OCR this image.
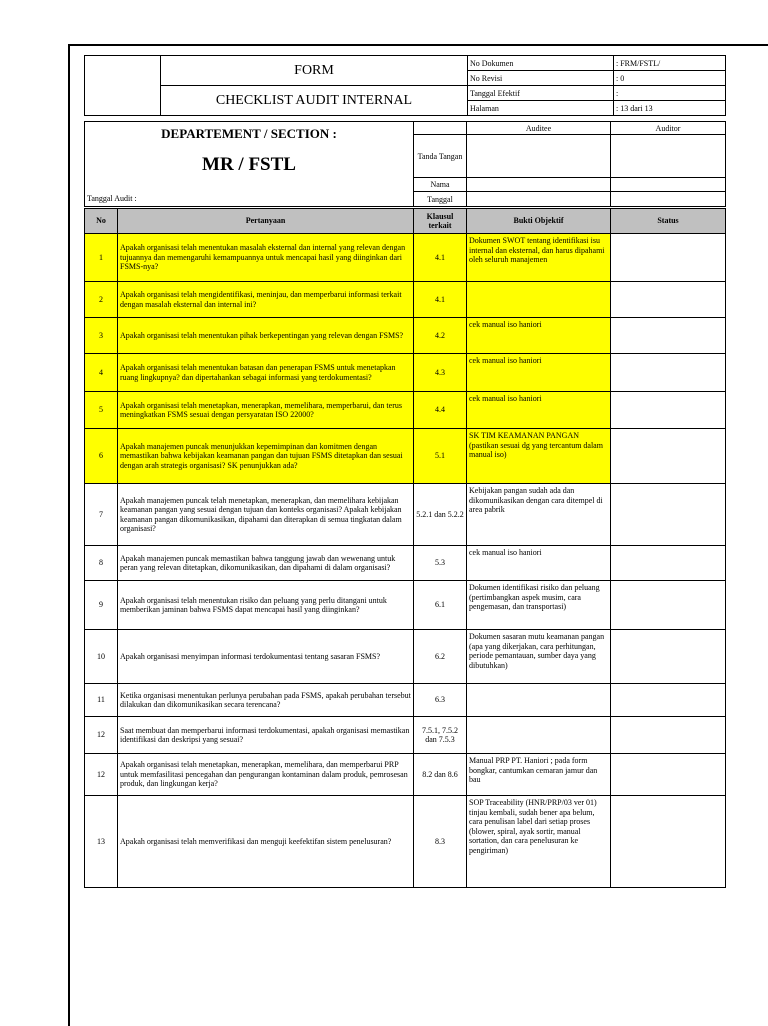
	FORM	No Dokumen	: FRM/FSTL/
		No Revisi	: 0
	CHECKLIST AUDIT INTERNAL	Tanggal Efektif	:
		Halaman	: 13 dari 13
DEPARTEMENT / SECTION :
MR / FSTL		Auditee	Auditor
	Tanda Tangan		
	Nama		
Tanggal Audit :	Tanggal		
No	Pertanyaan	Klausul terkait	Bukti Objektif	Status
1	Apakah organisasi telah menentukan masalah eksternal dan internal yang relevan dengan tujuannya dan memengaruhi kemampuannya untuk mencapai hasil yang diinginkan dari FSMS-nya?	4.1	Dokumen SWOT tentang identifikasi isu internal dan eksternal, dan harus dipahami oleh seluruh manajemen	
2	Apakah organisasi telah mengidentifikasi, meninjau, dan memperbarui informasi terkait dengan masalah eksternal dan internal ini?	4.1		
3	Apakah organisasi telah menentukan pihak berkepentingan yang relevan dengan FSMS?	4.2	cek manual iso haniori	
4	Apakah organisasi telah menentukan batasan dan penerapan FSMS untuk menetapkan ruang lingkupnya? dan dipertahankan sebagai informasi yang terdokumentasi?	4.3	cek manual iso haniori	
5	Apakah organisasi telah menetapkan, menerapkan, memelihara, memperbarui, dan terus meningkatkan FSMS sesuai dengan persyaratan ISO 22000?	4.4	cek manual iso haniori	
6	Apakah manajemen puncak menunjukkan kepemimpinan dan komitmen dengan memastikan bahwa kebijakan keamanan pangan dan tujuan FSMS ditetapkan dan sesuai dengan arah strategis organisasi? SK penunjukkan ada?	5.1	SK TIM KEAMANAN PANGAN (pastikan sesuai dg yang tercantum dalam manual iso)	
7	Apakah manajemen puncak telah menetapkan, menerapkan, dan memelihara kebijakan keamanan pangan yang sesuai dengan tujuan dan konteks organisasi? Apakah kebijakan keamanan pangan dikomunikasikan, dipahami dan diterapkan di semua tingkatan dalam organisasi?	5.2.1 dan 5.2.2	Kebijakan pangan sudah ada dan dikomunikasikan dengan cara ditempel di area pabrik	
8	Apakah manajemen puncak memastikan bahwa tanggung jawab dan wewenang untuk peran yang relevan ditetapkan, dikomunikasikan, dan dipahami di dalam organisasi?	5.3	cek manual iso haniori	
9	Apakah organisasi telah menentukan risiko dan peluang yang perlu ditangani untuk memberikan jaminan bahwa FSMS dapat mencapai hasil yang diinginkan?	6.1	Dokumen identifikasi risiko dan peluang (pertimbangkan aspek musim, cara pengemasan, dan transportasi)	
10	Apakah organisasi menyimpan informasi terdokumentasi tentang sasaran FSMS?	6.2	Dokumen sasaran mutu keamanan pangan (apa yang dikerjakan, cara perhitungan, periode pemantauan, sumber daya yang dibutuhkan)	
11	Ketika organisasi menentukan perlunya perubahan pada FSMS, apakah perubahan tersebut dilakukan dan dikomunikasikan secara terencana?	6.3		
12	Saat membuat dan memperbarui informasi terdokumentasi, apakah organisasi memastikan identifikasi dan deskripsi yang sesuai?	7.5.1, 7.5.2 dan 7.5.3		
12	Apakah organisasi telah menetapkan, menerapkan, memelihara, dan memperbarui PRP untuk memfasilitasi pencegahan dan pengurangan kontaminan dalam produk, pemrosesan produk, dan lingkungan kerja?	8.2 dan 8.6	Manual PRP PT. Haniori ; pada form bongkar, cantumkan cemaran jamur dan bau	
13	Apakah organisasi telah memverifikasi dan menguji keefektifan sistem penelusuran?	8.3	SOP Traceability (HNR/PRP/03 ver 01) tinjau kembali, sudah bener apa belum, cara penulisan label dari setiap proses (blower, spiral, ayak sortir, manual sortation, dan cara penelusuran ke pengiriman)	
